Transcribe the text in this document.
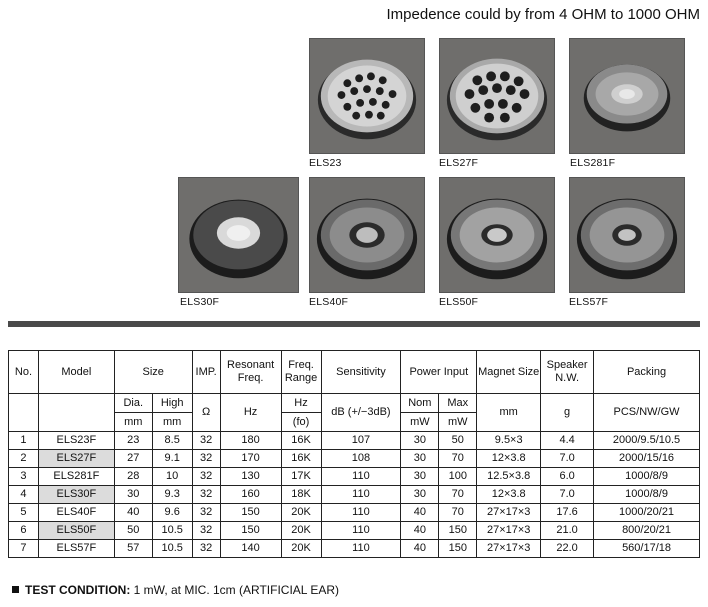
Impedence could by from 4 OHM to 1000 OHM
ELS23	ELS27F	ELS281F
ELS30F	ELS40F	ELS50F	ELS57F
No.	Model	Size		IMP.	Resonant Freq.	Freq. Range	Sensitivity	Power Input		Magnet Size	Speaker N.W.	Packing
		Dia.	High	Ω	Hz	Hz	dB (+/−3dB)	Nom	Max	mm	g	PCS/NW/GW
		mm	mm			(fo)		mW	mW			
1	ELS23F	23	8.5	32	180	16K	107	30	50	9.5×3	4.4	2000/9.5/10.5
2	ELS27F	27	9.1	32	170	16K	108	30	70	12×3.8	7.0	2000/15/16
3	ELS281F	28	10	32	130	17K	110	30	100	12.5×3.8	6.0	1000/8/9
4	ELS30F	30	9.3	32	160	18K	110	30	70	12×3.8	7.0	1000/8/9
5	ELS40F	40	9.6	32	150	20K	110	40	70	27×17×3	17.6	1000/20/21
6	ELS50F	50	10.5	32	150	20K	110	40	150	27×17×3	21.0	800/20/21
7	ELS57F	57	10.5	32	140	20K	110	40	150	27×17×3	22.0	560/17/18
TEST CONDITION: 1 mW, at MIC. 1cm (ARTIFICIAL EAR)
